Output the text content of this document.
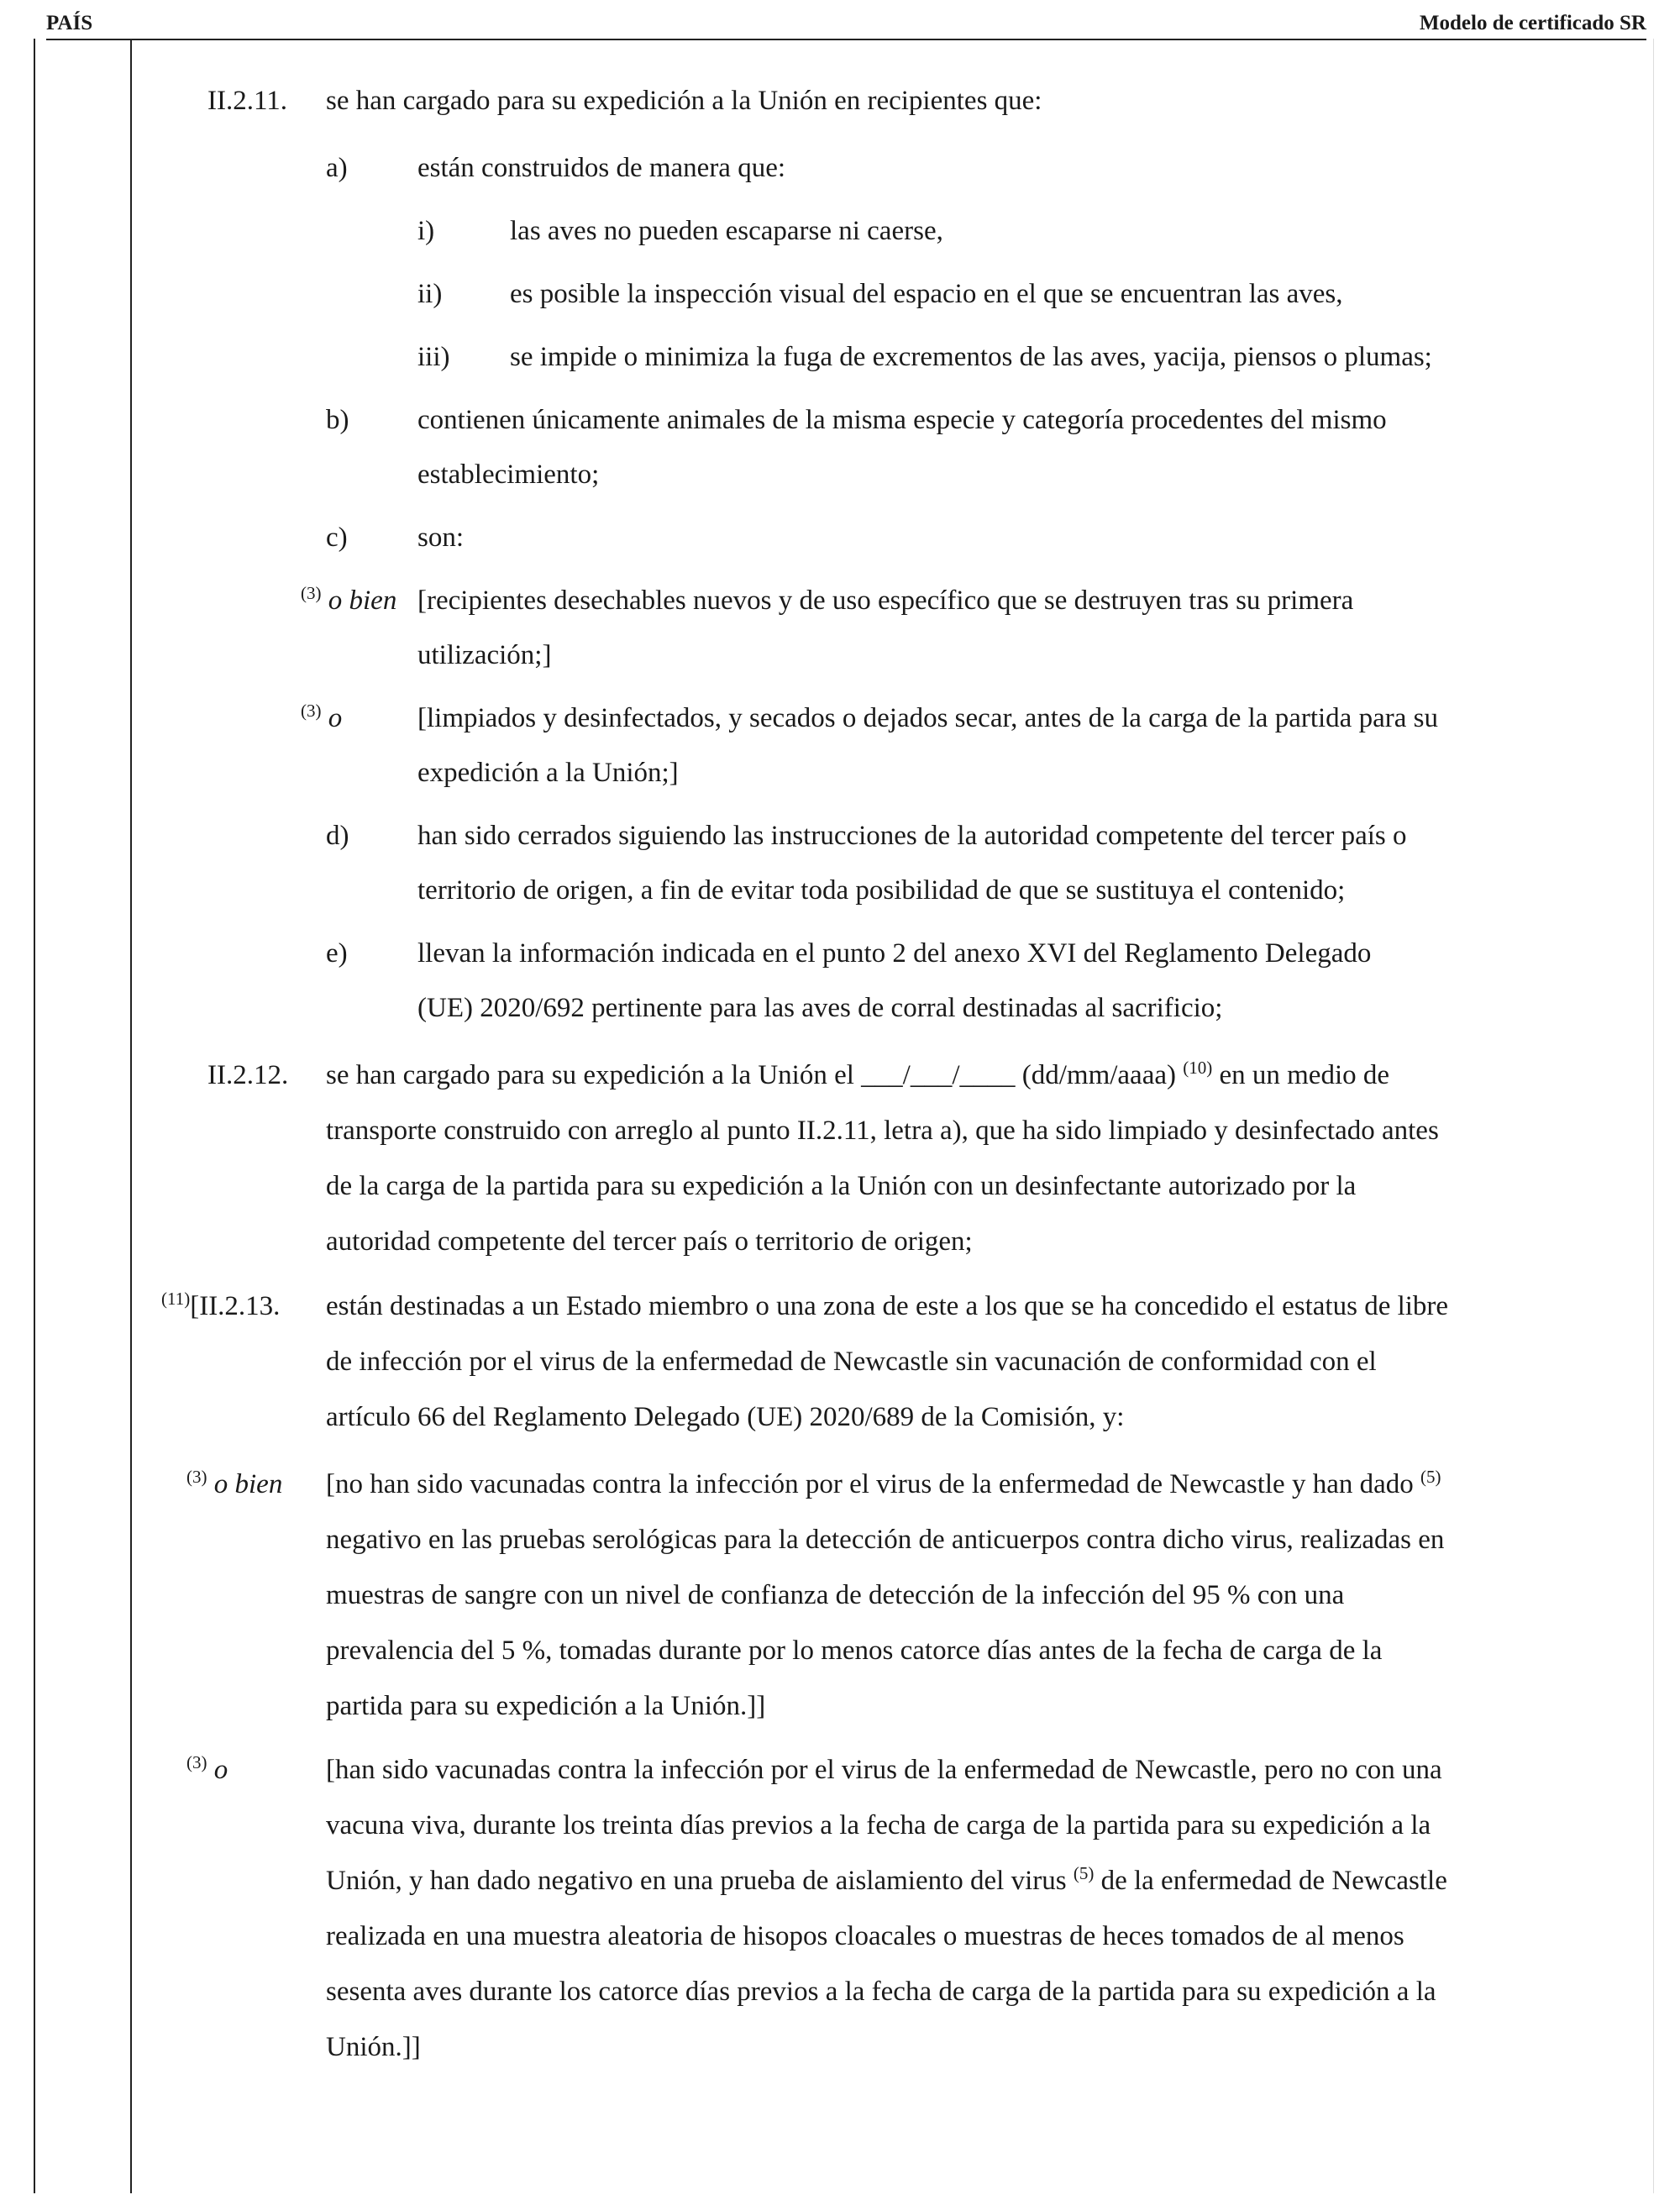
PAÍS	Modelo de certificado SR
II.2.11. se han cargado para su expedición a la Unión en recipientes que:
a)	están construidos de manera que:
i)	las aves no pueden escaparse ni caerse,
ii) es posible la inspección visual del espacio en el que se encuentran las aves,
iii) se impide o minimiza la fuga de excrementos de las aves, yacija, piensos o plumas;
b) contienen únicamente animales de la misma especie y categoría procedentes del mismo
establecimiento;
c)	son:
$^{(3)}$ o bien [recipientes desechables nuevos y de uso específico que se destruyen tras su primera
utilización;]
$^{(3)}$ o	[limpiados y desinfectados, y secados o dejados secar, antes de la carga de la partida para su
expedición a la Unión;]
d) han sido cerrados siguiendo las instrucciones de la autoridad competente del tercer país o
territorio de origen, a fin de evitar toda posibilidad de que se sustituya el contenido;
e)	llevan la información indicada en el punto 2 del anexo XVI del Reglamento Delegado
(UE) 2020/692 pertinente para las aves de corral destinadas al sacrificio;
II.2.12. se han cargado para su expedición a la Unión el ___/___/____ (dd/mm/aaaa) $^{(10)}$ en un medio de
transporte construido con arreglo al punto II.2.11, letra a), que ha sido limpiado y desinfectado antes
de la carga de la partida para su expedición a la Unión con un desinfectante autorizado por la
autoridad competente del tercer país o territorio de origen;
$^{(11)}$[II.2.13. están destinadas a un Estado miembro o una zona de este a los que se ha concedido el estatus de libre
de infección por el virus de la enfermedad de Newcastle sin vacunación de conformidad con el
artículo 66 del Reglamento Delegado (UE) 2020/689 de la Comisión, y:
$^{(3)}$ o bien [no han sido vacunadas contra la infección por el virus de la enfermedad de Newcastle y han dado $^{(5)}$
negativo en las pruebas serológicas para la detección de anticuerpos contra dicho virus, realizadas en
muestras de sangre con un nivel de confianza de detección de la infección del 95 % con una
prevalencia del 5 %, tomadas durante por lo menos catorce días antes de la fecha de carga de la
partida para su expedición a la Unión.]]
$^{(3)}$ o	[han sido vacunadas contra la infección por el virus de la enfermedad de Newcastle, pero no con una
vacuna viva, durante los treinta días previos a la fecha de carga de la partida para su expedición a la
Unión, y han dado negativo en una prueba de aislamiento del virus $^{(5)}$ de la enfermedad de Newcastle
realizada en una muestra aleatoria de hisopos cloacales o muestras de heces tomados de al menos
sesenta aves durante los catorce días previos a la fecha de carga de la partida para su expedición a la
Unión.]]
